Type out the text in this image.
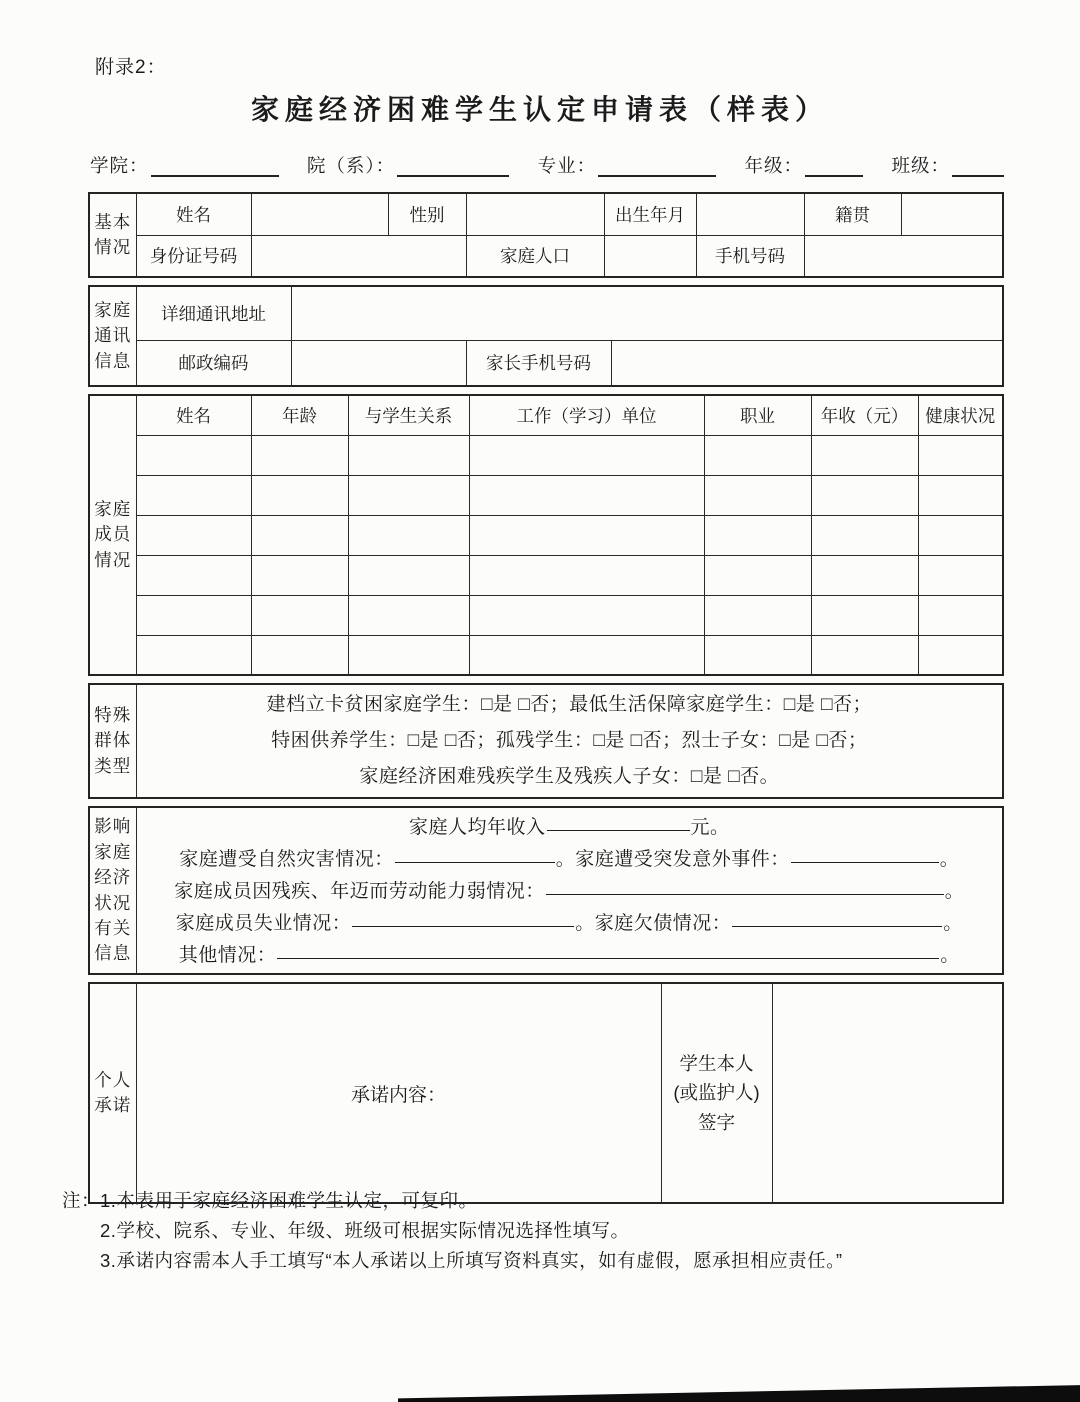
附录2：
家庭经济困难学生认定申请表（样表）
学院：	院（系）：	专业：	年级：	班级：
基本情况	姓名		性别		出生年月		籍贯	
	身份证号码			家庭人口		手机号码		
家庭通讯信息	详细通讯地址			
	邮政编码		家长手机号码	
家庭成员情况	姓名	年龄	与学生关系	工作（学习）单位	职业	年收（元）	健康状况

特殊群体类型	
建档立卡贫困家庭学生：□是 □否；最低生活保障家庭学生：□是 □否；
特困供养学生：□是 □否；孤残学生：□是 □否；烈士子女：□是 □否；
家庭经济困难残疾学生及残疾人子女：□是 □否。
影响家庭经济状况有关信息	
家庭人均年收入	元。
家庭遭受自然灾害情况：	。家庭遭受突发意外事件：	。
家庭成员因残疾、年迈而劳动能力弱情况：	。
家庭成员失业情况：	。家庭欠债情况：	。
其他情况：	。
个人承诺	承诺内容：	学生本人
(或监护人)
签字	
注： 1.本表用于家庭经济困难学生认定，可复印。
2.学校、院系、专业、年级、班级可根据实际情况选择性填写。
3.承诺内容需本人手工填写“本人承诺以上所填写资料真实，如有虚假，愿承担相应责任。”
